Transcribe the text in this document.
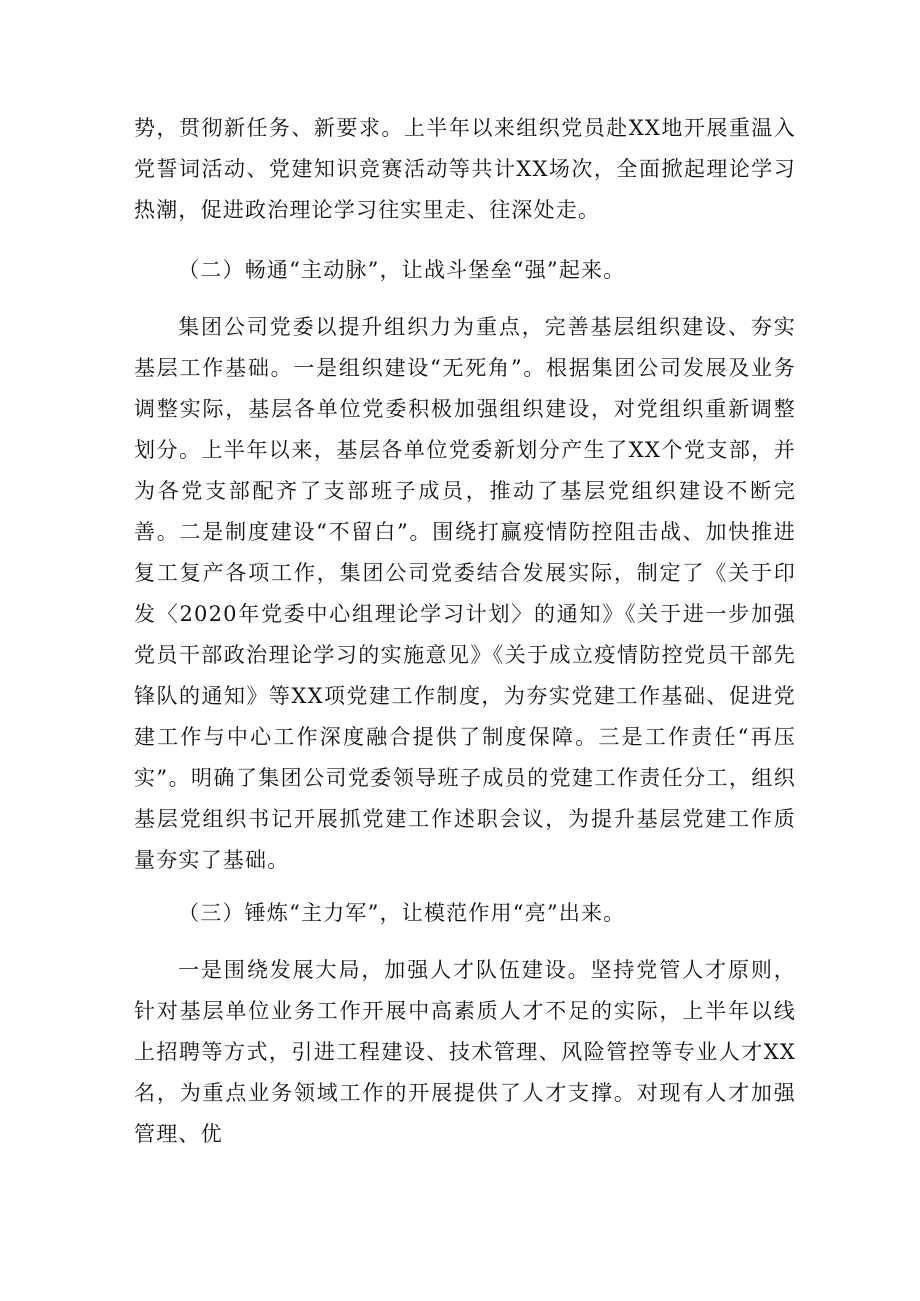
势，贯彻新任务、新要求。上半年以来组织党员赴XX地开展重温入党誓词活动、党建知识竞赛活动等共计XX场次，全面掀起理论学习热潮，促进政治理论学习往实里走、往深处走。

（二）畅通“主动脉”，让战斗堡垒“强”起来。

集团公司党委以提升组织力为重点，完善基层组织建设、夯实基层工作基础。一是组织建设“无死角”。根据集团公司发展及业务调整实际，基层各单位党委积极加强组织建设，对党组织重新调整划分。上半年以来，基层各单位党委新划分产生了XX个党支部，并为各党支部配齐了支部班子成员，推动了基层党组织建设不断完善。二是制度建设“不留白”。围绕打赢疫情防控阻击战、加快推进复工复产各项工作，集团公司党委结合发展实际，制定了《关于印发〈2020年党委中心组理论学习计划〉的通知》《关于进一步加强党员干部政治理论学习的实施意见》《关于成立疫情防控党员干部先锋队的通知》等XX项党建工作制度，为夯实党建工作基础、促进党建工作与中心工作深度融合提供了制度保障。三是工作责任“再压实”。明确了集团公司党委领导班子成员的党建工作责任分工，组织基层党组织书记开展抓党建工作述职会议，为提升基层党建工作质量夯实了基础。

（三）锤炼“主力军”，让模范作用“亮”出来。

一是围绕发展大局，加强人才队伍建设。坚持党管人才原则，针对基层单位业务工作开展中高素质人才不足的实际，上半年以线上招聘等方式，引进工程建设、技术管理、风险管控等专业人才XX名，为重点业务领域工作的开展提供了人才支撑。对现有人才加强管理、优
